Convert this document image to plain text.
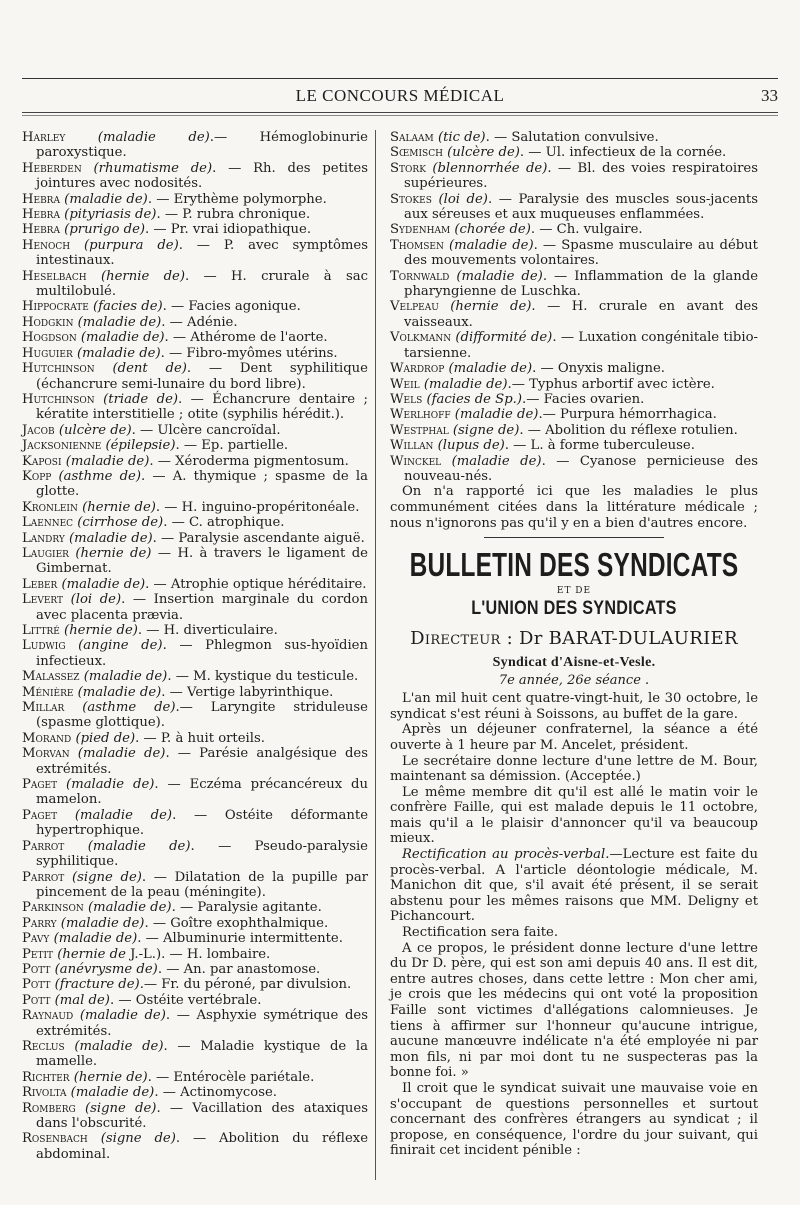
LE CONCOURS MÉDICAL	33

Harley (maladie de).— Hémoglobinurie paroxystique.

Heberden (rhumatisme de). — Rh. des petites jointures avec nodosités.

Hebra (maladie de). — Erythème polymorphe.

Hebra (pityriasis de). — P. rubra chronique.

Hebra (prurigo de). — Pr. vrai idiopathique.

Henoch (purpura de). — P. avec symptômes intestinaux.

Heselbach (hernie de). — H. crurale à sac multilobulé.

Hippocrate (facies de). — Facies agonique.

Hodgkin (maladie de). — Adénie.

Hogdson (maladie de). — Athérome de l'aorte.

Huguier (maladie de). — Fibro-myômes utérins.

Hutchinson (dent de). — Dent syphilitique (échancrure semi-lunaire du bord libre).

Hutchinson (triade de). — Échancrure dentaire ; kératite interstitielle ; otite (syphilis hérédit.).

Jacob (ulcère de). — Ulcère cancroïdal.

Jacksonienne (épilepsie). — Ep. partielle.

Kaposi (maladie de). — Xéroderma pigmentosum.

Kopp (asthme de). — A. thymique ; spasme de la glotte.

Kronlein (hernie de). — H. inguino-propéritonéale.

Laennec (cirrhose de). — C. atrophique.

Landry (maladie de). — Paralysie ascendante aiguë.

Laugier (hernie de) — H. à travers le ligament de Gimbernat.

Leber (maladie de). — Atrophie optique héréditaire.

Levert (loi de). — Insertion marginale du cordon avec placenta prævia.

Littré (hernie de). — H. diverticulaire.

Ludwig (angine de). — Phlegmon sus-hyoïdien infectieux.

Malassez (maladie de). — M. kystique du testicule.

Ménière (maladie de). — Vertige labyrinthique.

Millar (asthme de).— Laryngite striduleuse (spasme glottique).

Morand (pied de). — P. à huit orteils.

Morvan (maladie de). — Parésie analgésique des extrémités.

Paget (maladie de). — Eczéma précancéreux du mamelon.

Paget (maladie de). — Ostéite déformante hypertrophique.

Parrot (maladie de). — Pseudo-paralysie syphilitique.

Parrot (signe de). — Dilatation de la pupille par pincement de la peau (méningite).

Parkinson (maladie de). — Paralysie agitante.

Parry (maladie de). — Goître exophthalmique.

Pavy (maladie de). — Albuminurie intermittente.

Petit (hernie de J.-L.). — H. lombaire.

Pott (anévrysme de). — An. par anastomose.

Pott (fracture de).— Fr. du péroné, par divulsion.

Pott (mal de). — Ostéite vertébrale.

Raynaud (maladie de). — Asphyxie symétrique des extrémités.

Reclus (maladie de). — Maladie kystique de la mamelle.

Richter (hernie de). — Entérocèle pariétale.

Rivolta (maladie de). — Actinomycose.

Romberg (signe de). — Vacillation des ataxiques dans l'obscurité.

Rosenbach (signe de). — Abolition du réflexe abdominal.

Salaam (tic de). — Salutation convulsive.

Sœmisch (ulcère de). — Ul. infectieux de la cornée.

Stork (blennorrhée de). — Bl. des voies respiratoires supérieures.

Stokes (loi de). — Paralysie des muscles sous-jacents aux séreuses et aux muqueuses enflammées.

Sydenham (chorée de). — Ch. vulgaire.

Thomsen (maladie de). — Spasme musculaire au début des mouvements volontaires.

Tornwald (maladie de). — Inflammation de la glande pharyngienne de Luschka.

Velpeau (hernie de). — H. crurale en avant des vaisseaux.

Volkmann (difformité de). — Luxation congénitale tibio-tarsienne.

Wardrop (maladie de). — Onyxis maligne.

Weil (maladie de).— Typhus arbortif avec ictère.

Wels (facies de Sp.).— Facies ovarien.

Werlhoff (maladie de).— Purpura hémorrhagica.

Westphal (signe de). — Abolition du réflexe rotulien.

Willan (lupus de). — L. à forme tuberculeuse.

Winckel (maladie de). — Cyanose pernicieuse des nouveau-nés.

On n'a rapporté ici que les maladies le plus communément citées dans la littérature médicale ; nous n'ignorons pas qu'il y en a bien d'autres encore.

BULLETIN DES SYNDICATS
ET DE
L'UNION DES SYNDICATS
Directeur : Dr BARAT-DULAURIER
Syndicat d'Aisne-et-Vesle.
7e année, 26e séance .

L'an mil huit cent quatre-vingt-huit, le 30 octobre, le syndicat s'est réuni à Soissons, au buffet de la gare.

Après un déjeuner confraternel, la séance a été ouverte à 1 heure par M. Ancelet, président.

Le secrétaire donne lecture d'une lettre de M. Bour, maintenant sa démission. (Acceptée.)

Le même membre dit qu'il est allé le matin voir le confrère Faille, qui est malade depuis le 11 octobre, mais qu'il a le plaisir d'annoncer qu'il va beaucoup mieux.

Rectification au procès-verbal.—Lecture est faite du procès-verbal. A l'article déontologie médicale, M. Manichon dit que, s'il avait été présent, il se serait abstenu pour les mêmes raisons que MM. Deligny et Pichancourt.

Rectification sera faite.

A ce propos, le président donne lecture d'une lettre du Dr D. père, qui est son ami depuis 40 ans. Il est dit, entre autres choses, dans cette lettre : Mon cher ami, je crois que les médecins qui ont voté la proposition Faille sont victimes d'allégations calomnieuses. Je tiens à affirmer sur l'honneur qu'aucune intrigue, aucune manœuvre indélicate n'a été employée ni par mon fils, ni par moi dont tu ne suspecteras pas la bonne foi. »

Il croit que le syndicat suivait une mauvaise voie en s'occupant de questions personnelles et surtout concernant des confrères étrangers au syndicat ; il propose, en conséquence, l'ordre du jour suivant, qui finirait cet incident pénible :
